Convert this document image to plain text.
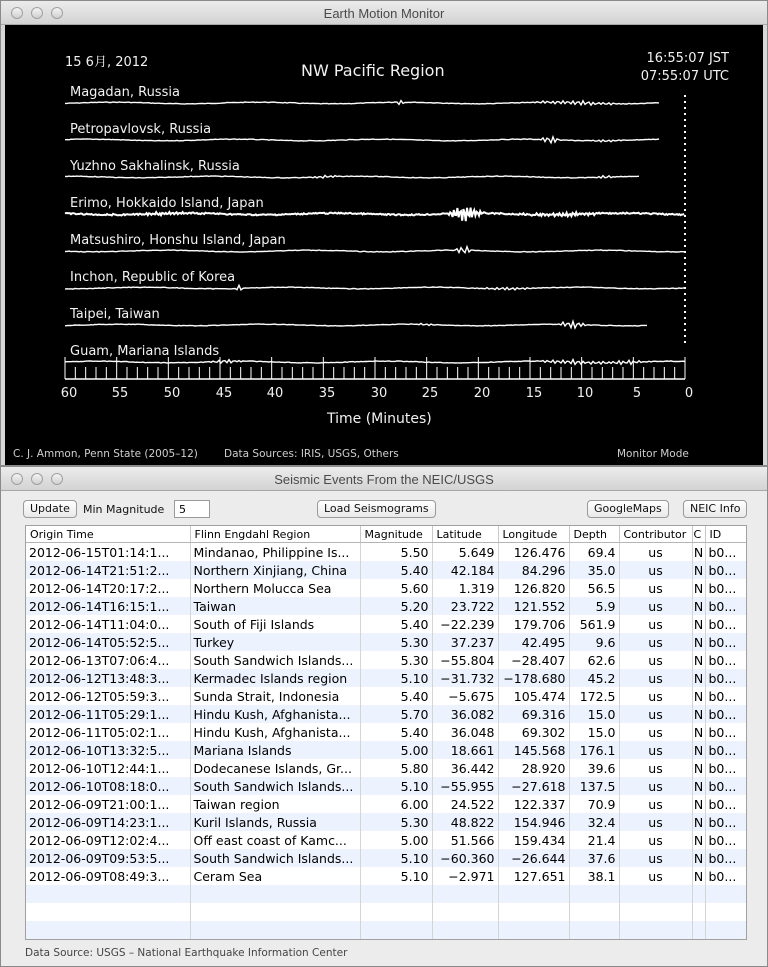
Earth Motion Monitor
15 6月, 2012	NW Pacific Region
16:55:07 JST
07:55:07 UTC
Magadan, Russia
Petropavlovsk, Russia
Yuzhno Sakhalinsk, Russia
Erimo, Hokkaido Island, Japan
Matsushiro, Honshu Island, Japan
Inchon, Republic of Korea
Taipei, Taiwan
Guam, Mariana Islands
60	55	50	45	40	35	30	25	20	15	10	5	0
Time (Minutes)
C. J. Ammon, Penn State (2005–12) Data Sources: IRIS, USGS, Others	Monitor Mode
Seismic Events From the NEIC/USGS
Update	Min Magnitude
5	Load Seismograms	GoogleMaps	NEIC Info
Origin Time	Flinn Engdahl Region	Magnitude	Latitude	Longitude	Depth	Contributor	C	ID
2012-06-15T01:14:1...	Mindanao, Philippine Is...	5.50	5.649	126.476	69.4	us	N	b0...
2012-06-14T21:51:2...	Northern Xinjiang, China	5.40	42.184	84.296	35.0	us	N	b0...
2012-06-14T20:17:2...	Northern Molucca Sea	5.60	1.319	126.820	56.5	us	N	b0...
2012-06-14T16:15:1...	Taiwan	5.20	23.722	121.552	5.9	us	N	b0...
2012-06-14T11:04:0...	South of Fiji Islands	5.40	−22.239	179.706	561.9	us	N	b0...
2012-06-14T05:52:5...	Turkey	5.30	37.237	42.495	9.6	us	N	b0...
2012-06-13T07:06:4...	South Sandwich Islands...	5.30	−55.804	−28.407	62.6	us	N	b0...
2012-06-12T13:48:3...	Kermadec Islands region	5.10	−31.732	−178.680	45.2	us	N	b0...
2012-06-12T05:59:3...	Sunda Strait, Indonesia	5.40	−5.675	105.474	172.5	us	N	b0...
2012-06-11T05:29:1...	Hindu Kush, Afghanista...	5.70	36.082	69.316	15.0	us	N	b0...
2012-06-11T05:02:1...	Hindu Kush, Afghanista...	5.40	36.048	69.302	15.0	us	N	b0...
2012-06-10T13:32:5...	Mariana Islands	5.00	18.661	145.568	176.1	us	N	b0...
2012-06-10T12:44:1...	Dodecanese Islands, Gr...	5.80	36.442	28.920	39.6	us	N	b0...
2012-06-10T08:18:0...	South Sandwich Islands...	5.10	−55.955	−27.618	137.5	us	N	b0...
2012-06-09T21:00:1...	Taiwan region	6.00	24.522	122.337	70.9	us	N	b0...
2012-06-09T14:23:1...	Kuril Islands, Russia	5.30	48.822	154.946	32.4	us	N	b0...
2012-06-09T12:02:4...	Off east coast of Kamc...	5.00	51.566	159.434	21.4	us	N	b0...
2012-06-09T09:53:5...	South Sandwich Islands...	5.10	−60.360	−26.644	37.6	us	N	b0...
2012-06-09T08:49:3...	Ceram Sea	5.10	−2.971	127.651	38.1	us	N	b0...

Data Source: USGS – National Earthquake Information Center
